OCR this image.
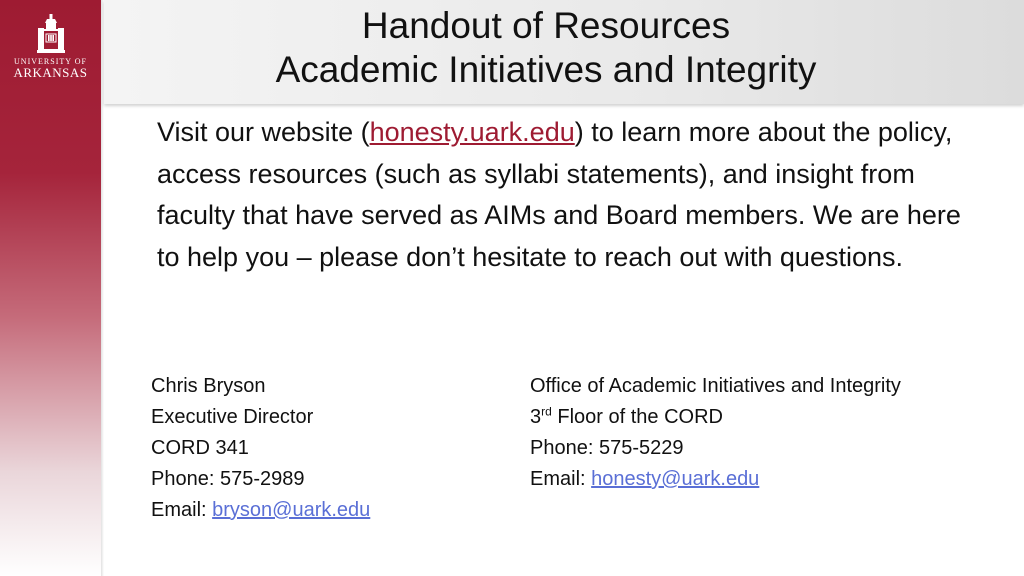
UNIVERSITY OF
ARKANSAS
Handout of Resources
Academic Initiatives and Integrity

Visit our website (honesty.uark.edu) to learn more about the policy, access resources (such as syllabi statements), and insight from faculty that have served as AIMs and Board members. We are here to help you – please don’t hesitate to reach out with questions.

Chris Bryson
Executive Director
CORD 341
Phone: 575-2989
Email: bryson@uark.edu
Office of Academic Initiatives and Integrity
3rd Floor of the CORD
Phone: 575-5229
Email: honesty@uark.edu
